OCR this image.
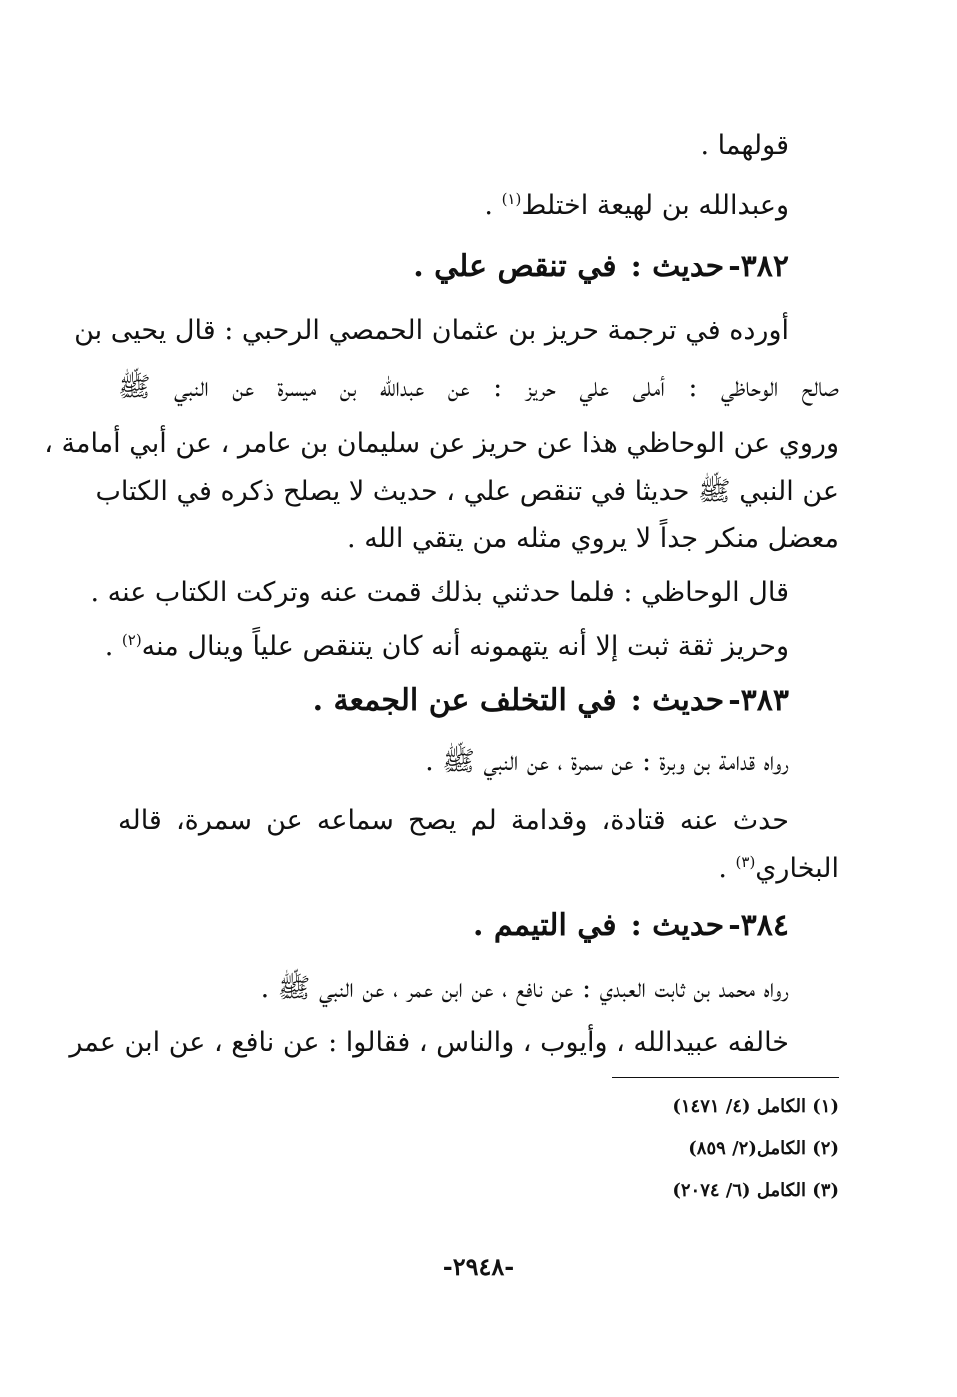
قولهما .
وعبدالله بن لهيعة اختلط$^{(١)}$ .
٣٨٢-حديث :في تنقص علي .
أورده في ترجمة حريز بن عثمان الحمصي الرحبي : قال يحيى بن
صالح الوحاظي : أملى علي حريز : عن عبدالله بن ميسرة عن النبي ﷺ
وروي عن الوحاظي هذا عن حريز عن سليمان بن عامر ، عن أبي أمامة ،
عن النبي ﷺ حديثا في تنقص علي ، حديث لا يصلح ذكره في الكتاب
معضل منكر جداً لا يروي مثله من يتقي الله .
قال الوحاظي : فلما حدثني بذلك قمت عنه وتركت الكتاب عنه .
وحريز ثقة ثبت إلا أنه يتهمونه أنه كان يتنقص علياً وينال منه$^{(٢)}$ .
٣٨٣-حديث :في التخلف عن الجمعة .
رواه قدامة بن وبرة : عن سمرة ، عن النبي ﷺ .
حدث عنه قتادة، وقدامة لم يصح سماعه عن سمرة، قاله
البخاري$^{(٣)}$ .
٣٨٤-حديث :في التيمم .
رواه محمد بن ثابت العبدي : عن نافع ، عن ابن عمر ، عن النبي ﷺ .
خالفه عبيدالله ، وأيوب ، والناس ، فقالوا : عن نافع ، عن ابن عمر
(١) الكامل (٤/ ١٤٧١)
(٢) الكامل(٢/ ٨٥٩)
(٣) الكامل (٦/ ٢٠٧٤)
-٢٩٤٨-
